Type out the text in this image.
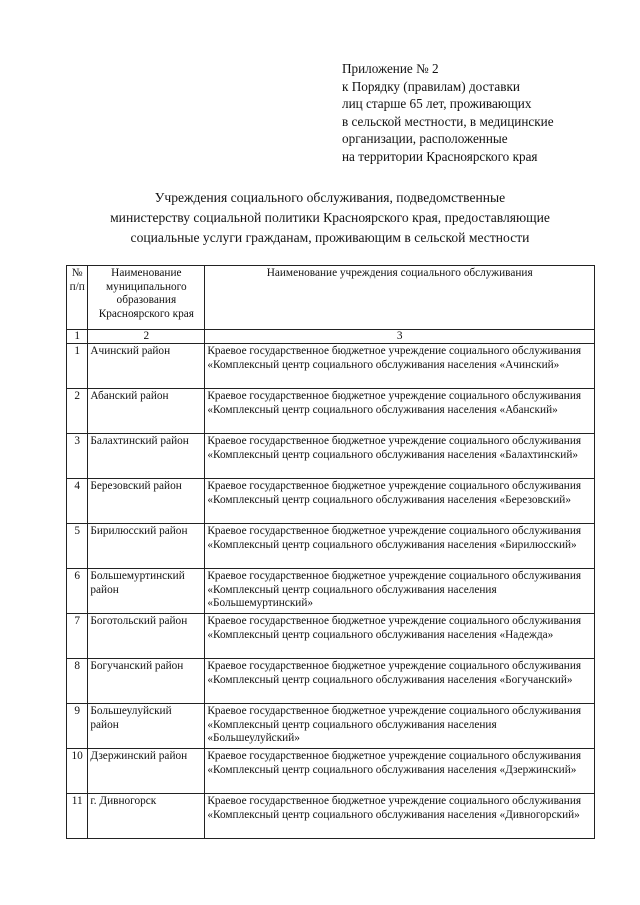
Приложение № 2
к Порядку (правилам) доставки
лиц старше 65 лет, проживающих
в сельской местности, в медицинские
организации, расположенные
на территории Красноярского края
Учреждения социального обслуживания, подведомственные
министерству социальной политики Красноярского края, предоставляющие
социальные услуги гражданам, проживающим в сельской местности
№ п/п	Наименование муниципального образования Красноярского края	Наименование учреждения социального обслуживания
1	2	3
1	Ачинский район	Краевое государственное бюджетное учреждение социального обслуживания «Комплексный центр социального обслуживания населения «Ачинский»
2	Абанский район	Краевое государственное бюджетное учреждение социального обслуживания «Комплексный центр социального обслуживания населения «Абанский»
3	Балахтинский район	Краевое государственное бюджетное учреждение социального обслуживания «Комплексный центр социального обслуживания населения «Балахтинский»
4	Березовский район	Краевое государственное бюджетное учреждение социального обслуживания «Комплексный центр социального обслуживания населения «Березовский»
5	Бирилюсский район	Краевое государственное бюджетное учреждение социального обслуживания «Комплексный центр социального обслуживания населения «Бирилюсский»
6	Большемуртинский район	Краевое государственное бюджетное учреждение социального обслуживания «Комплексный центр социального обслуживания населения «Большемуртинский»
7	Боготольский район	Краевое государственное бюджетное учреждение социального обслуживания «Комплексный центр социального обслуживания населения «Надежда»
8	Богучанский район	Краевое государственное бюджетное учреждение социального обслуживания «Комплексный центр социального обслуживания населения «Богучанский»
9	Большеулуйский район	Краевое государственное бюджетное учреждение социального обслуживания «Комплексный центр социального обслуживания населения «Большеулуйский»
10	Дзержинский район	Краевое государственное бюджетное учреждение социального обслуживания «Комплексный центр социального обслуживания населения «Дзержинский»
11	г. Дивногорск	Краевое государственное бюджетное учреждение социального обслуживания «Комплексный центр социального обслуживания населения «Дивногорский»
